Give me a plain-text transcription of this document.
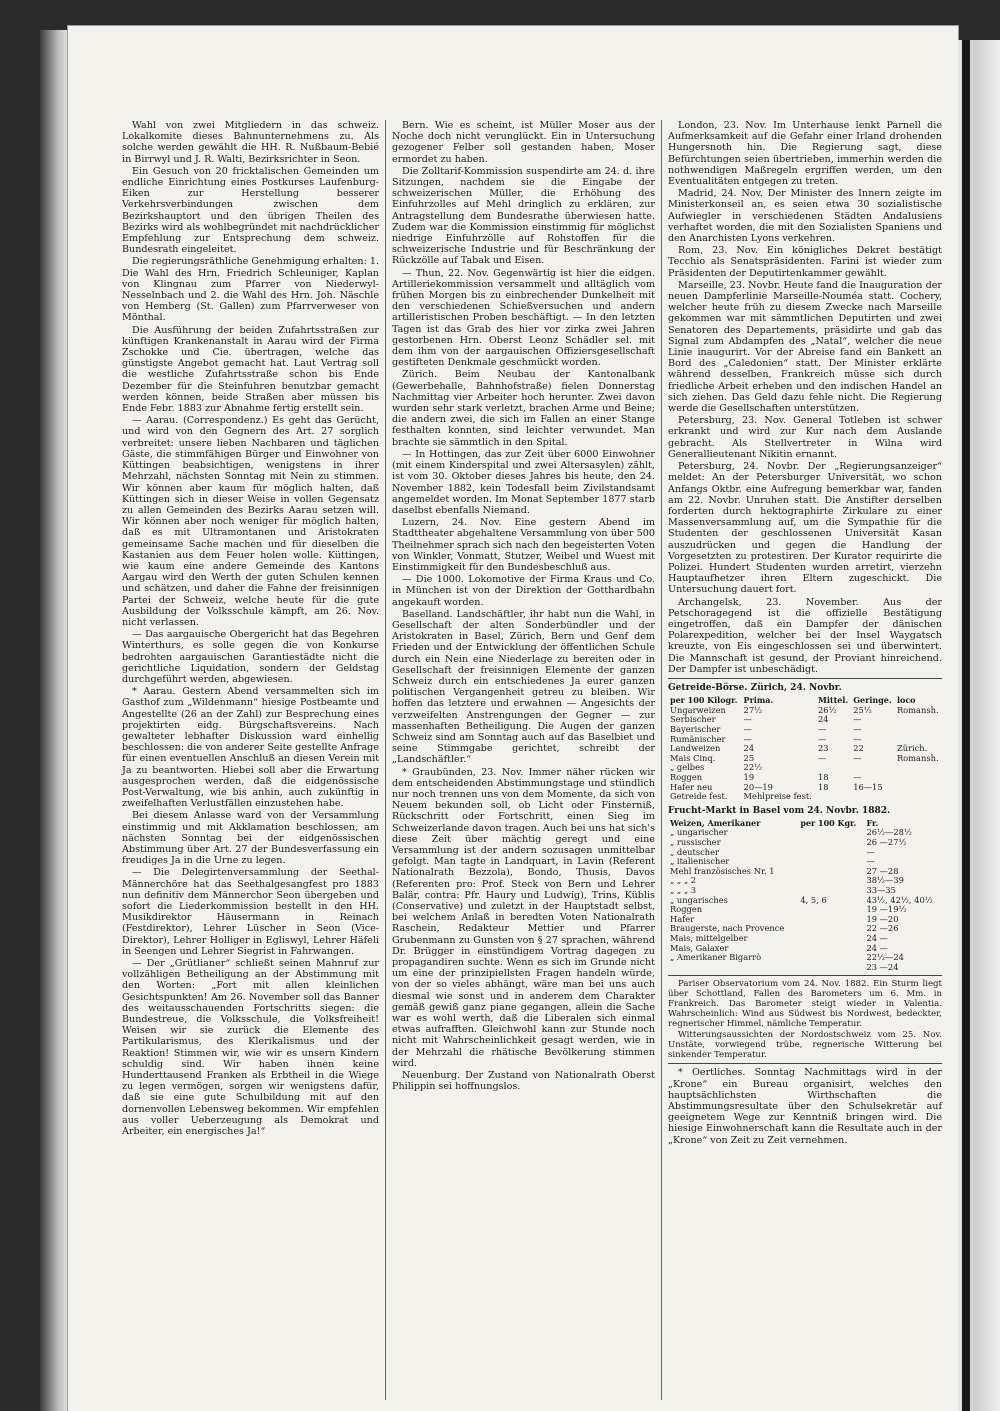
Wahl von zwei Mitgliedern in das schweiz. Lokalkomite dieses Bahnunternehmens zu. Als solche werden gewählt die HH. R. Nußbaum-Bebié in Birrwyl und J. R. Walti, Bezirksrichter in Seon.

Ein Gesuch von 20 fricktalischen Gemeinden um endliche Einrichtung eines Postkurses Laufenburg-Eiken zur Herstellung besserer Verkehrsverbindungen zwischen dem Bezirkshauptort und den übrigen Theilen des Bezirks wird als wohlbegründet mit nachdrücklicher Empfehlung zur Entsprechung dem schweiz. Bundesrath eingeleitet.

Die regierungsräthliche Genehmigung erhalten: 1. Die Wahl des Hrn. Friedrich Schleuniger, Kaplan von Klingnau zum Pfarrer von Niederwyl-Nesselnbach und 2. die Wahl des Hrn. Joh. Näschle von Hemberg (St. Gallen) zum Pfarrverweser von Mönthal.

Die Ausführung der beiden Zufahrtsstraßen zur künftigen Krankenanstalt in Aarau wird der Firma Zschokke und Cie. übertragen, welche das günstigste Angebot gemacht hat. Laut Vertrag soll die westliche Zufahrtsstraße schon bis Ende Dezember für die Steinfuhren benutzbar gemacht werden können, beide Straßen aber müssen bis Ende Febr. 1883 zur Abnahme fertig erstellt sein.

— Aarau. (Correspondenz.) Es geht das Gerücht, und wird von den Gegnern des Art. 27 sorglich verbreitet: unsere lieben Nachbaren und täglichen Gäste, die stimmfähigen Bürger und Einwohner von Küttingen beabsichtigen, wenigstens in ihrer Mehrzahl, nächsten Sonntag mit Nein zu stimmen. Wir können aber kaum für möglich halten, daß Küttingen sich in dieser Weise in vollen Gegensatz zu allen Gemeinden des Bezirks Aarau setzen will. Wir können aber noch weniger für möglich halten, daß es mit Ultramontanen und Aristokraten gemeinsame Sache machen und für dieselben die Kastanien aus dem Feuer holen wolle. Küttingen, wie kaum eine andere Gemeinde des Kantons Aargau wird den Werth der guten Schulen kennen und schätzen, und daher die Fahne der freisinnigen Partei der Schweiz, welche heute für die gute Ausbildung der Volksschule kämpft, am 26. Nov. nicht verlassen.

— Das aargauische Obergericht hat das Begehren Winterthurs, es solle gegen die von Konkurse bedrohten aargauischen Garantiestädte nicht die gerichtliche Liquidation, sondern der Geldstag durchgeführt werden, abgewiesen.

* Aarau. Gestern Abend versammelten sich im Gasthof zum „Wildenmann“ hiesige Postbeamte und Angestellte (26 an der Zahl) zur Besprechung eines projektirten eidg. Bürgschaftsvereins. Nach gewalteter lebhafter Diskussion ward einhellig beschlossen: die von anderer Seite gestellte Anfrage für einen eventuellen Anschluß an diesen Verein mit Ja zu beantworten. Hiebei soll aber die Erwartung ausgesprochen werden, daß die eidgenössische Post-Verwaltung, wie bis anhin, auch zukünftig in zweifelhaften Verlustfällen einzustehen habe.

Bei diesem Anlasse ward von der Versammlung einstimmig und mit Akklamation beschlossen, am nächsten Sonntag bei der eidgenössischen Abstimmung über Art. 27 der Bundesverfassung ein freudiges Ja in die Urne zu legen.

— Die Delegirtenversammlung der Seethal-Männerchöre hat das Seethalgesangfest pro 1883 nun definitiv dem Männerchor Seon übergeben und sofort die Liederkommission bestellt in den HH. Musikdirektor Häusermann in Reinach (Festdirektor), Lehrer Lüscher in Seon (Vice-Direktor), Lehrer Holliger in Egliswyl, Lehrer Häfeli in Seengen und Lehrer Siegrist in Fahrwangen.

— Der „Grütlianer“ schließt seinen Mahnruf zur vollzähligen Betheiligung an der Abstimmung mit den Worten: „Fort mit allen kleinlichen Gesichtspunkten! Am 26. November soll das Banner des weitausschauenden Fortschritts siegen: die Bundestreue, die Volksschule, die Volksfreiheit! Weisen wir sie zurück die Elemente des Partikularismus, des Klerikalismus und der Reaktion! Stimmen wir, wie wir es unsern Kindern schuldig sind. Wir haben ihnen keine Hunderttausend Franken als Erbtheil in die Wiege zu legen vermögen, sorgen wir wenigstens dafür, daß sie eine gute Schulbildung mit auf den dornenvollen Lebensweg bekommen. Wir empfehlen aus voller Ueberzeugung als Demokrat und Arbeiter, ein energisches Ja!“

Bern. Wie es scheint, ist Müller Moser aus der Noche doch nicht verunglückt. Ein in Untersuchung gezogener Felber soll gestanden haben, Moser ermordet zu haben.

Die Zolltarif-Kommission suspendirte am 24. d. ihre Sitzungen, nachdem sie die Eingabe der schweizerischen Müller, die Erhöhung des Einfuhrzolles auf Mehl dringlich zu erklären, zur Antragstellung dem Bundesrathe überwiesen hatte. Zudem war die Kommission einstimmig für möglichst niedrige Einfuhrzölle auf Rohstoffen für die schweizerische Industrie und für Beschränkung der Rückzölle auf Tabak und Eisen.

— Thun, 22. Nov. Gegenwärtig ist hier die eidgen. Artilleriekommission versammelt und alltäglich vom frühen Morgen bis zu einbrechender Dunkelheit mit den verschiedenen Schießversuchen und andern artilleristischen Proben beschäftigt. — In den letzten Tagen ist das Grab des hier vor zirka zwei Jahren gestorbenen Hrn. Oberst Leonz Schädler sel. mit dem ihm von der aargauischen Offiziersgesellschaft gestifteten Denkmale geschmückt worden.

Zürich. Beim Neubau der Kantonalbank (Gewerbehalle, Bahnhofstraße) fielen Donnerstag Nachmittag vier Arbeiter hoch herunter. Zwei davon wurden sehr stark verletzt, brachen Arme und Beine; die andern zwei, die sich im Fallen an einer Stange festhalten konnten, sind leichter verwundet. Man brachte sie sämmtlich in den Spital.

— In Hottingen, das zur Zeit über 6000 Einwohner (mit einem Kinderspital und zwei Altersasylen) zählt, ist vom 30. Oktober dieses Jahres bis heute, den 24. November 1882, kein Todesfall beim Zivilstandsamt angemeldet worden. Im Monat September 1877 starb daselbst ebenfalls Niemand.

Luzern, 24. Nov. Eine gestern Abend im Stadttheater abgehaltene Versammlung von über 500 Theilnehmer sprach sich nach den begeisterten Voten von Winkler, Vonmatt, Stutzer, Weibel und Wuest mit Einstimmigkeit für den Bundesbeschluß aus.

— Die 1000. Lokomotive der Firma Kraus und Co. in München ist von der Direktion der Gotthardbahn angekauft worden.

Baselland. Landschäftler, ihr habt nun die Wahl, in Gesellschaft der alten Sonderbündler und der Aristokraten in Basel, Zürich, Bern und Genf dem Frieden und der Entwicklung der öffentlichen Schule durch ein Nein eine Niederlage zu bereiten oder in Gesellschaft der freisinnigen Elemente der ganzen Schweiz durch ein entschiedenes Ja eurer ganzen politischen Vergangenheit getreu zu bleiben. Wir hoffen das letztere und erwahnen — Angesichts der verzweifelten Anstrengungen der Gegner — zur massenhaften Betheiligung. Die Augen der ganzen Schweiz sind am Sonntag auch auf das Baselbiet und seine Stimmgabe gerichtet, schreibt der „Landschäftler.“

* Graubünden, 23. Nov. Immer näher rücken wir dem entscheidenden Abstimmungstage und stündlich nur noch trennen uns von dem Momente, da sich von Neuem bekunden soll, ob Licht oder Finsterniß, Rückschritt oder Fortschritt, einen Sieg im Schweizerlande davon tragen. Auch bei uns hat sich's diese Zeit über mächtig geregt und eine Versammlung ist der andern sozusagen unmittelbar gefolgt. Man tagte in Landquart, in Lavin (Referent Nationalrath Bezzola), Bondo, Thusis, Davos (Referenten pro: Prof. Steck von Bern und Lehrer Balär, contra: Pfr. Haury und Ludwig), Trins, Küblis (Conservative) und zuletzt in der Hauptstadt selbst, bei welchem Anlaß in beredten Voten Nationalrath Raschein, Redakteur Mettier und Pfarrer Grubenmann zu Gunsten von § 27 sprachen, während Dr. Brügger in einstündigem Vortrag dagegen zu propagandiren suchte. Wenn es sich im Grunde nicht um eine der prinzipiellsten Fragen handeln würde, von der so vieles abhängt, wäre man bei uns auch diesmal wie sonst und in anderem dem Charakter gemäß gewiß ganz piane gegangen, allein die Sache war es wohl werth, daß die Liberalen sich einmal etwas aufrafften. Gleichwohl kann zur Stunde noch nicht mit Wahrscheinlichkeit gesagt werden, wie in der Mehrzahl die rhätische Bevölkerung stimmen wird.

Neuenburg. Der Zustand von Nationalrath Oberst Philippin sei hoffnungslos.

London, 23. Nov. Im Unterhause lenkt Parnell die Aufmerksamkeit auf die Gefahr einer Irland drohenden Hungersnoth hin. Die Regierung sagt, diese Befürchtungen seien übertrieben, immerhin werden die nothwendigen Maßregeln ergriffen werden, um den Eventualitäten entgegen zu treten.

Madrid, 24. Nov. Der Minister des Innern zeigte im Ministerkonseil an, es seien etwa 30 sozialistische Aufwiegler in verschiedenen Städten Andalusiens verhaftet worden, die mit den Sozialisten Spaniens und den Anarchisten Lyons verkehren.

Rom, 23. Nov. Ein königliches Dekret bestätigt Tecchio als Senatspräsidenten. Farini ist wieder zum Präsidenten der Deputirtenkammer gewählt.

Marseille, 23. Novbr. Heute fand die Inauguration der neuen Dampferlinie Marseille-Nouméa statt. Cochery, welcher heute früh zu diesem Zwecke nach Marseille gekommen war mit sämmtlichen Deputirten und zwei Senatoren des Departements, präsidirte und gab das Signal zum Abdampfen des „Natal“, welcher die neue Linie inaugurirt. Vor der Abreise fand ein Bankett an Bord des „Caledonien“ statt. Der Minister erklärte während desselben, Frankreich müsse sich durch friedliche Arbeit erheben und den indischen Handel an sich ziehen. Das Geld dazu fehle nicht. Die Regierung werde die Gesellschaften unterstützen.

Petersburg, 23. Nov. General Totleben ist schwer erkrankt und wird zur Kur nach dem Auslande gebracht. Als Stellvertreter in Wilna wird Generallieutenant Nikitin ernannt.

Petersburg, 24. Novbr. Der „Regierungsanzeiger“ meldet: An der Petersburger Universität, wo schon Anfangs Oktbr. eine Aufregung bemerkbar war, fanden am 22. Novbr. Unruhen statt. Die Anstifter derselben forderten durch hektographirte Zirkulare zu einer Massenversammlung auf, um die Sympathie für die Studenten der geschlossenen Universität Kasan auszudrücken und gegen die Handlung der Vorgesetzten zu protestiren. Der Kurator requirirte die Polizei. Hundert Studenten wurden arretirt, vierzehn Hauptaufhetzer ihren Eltern zugeschickt. Die Untersuchung dauert fort.

Archangelsk, 23. November. Aus der Petschoragegend ist die offizielle Bestätigung eingetroffen, daß ein Dampfer der dänischen Polarexpedition, welcher bei der Insel Waygatsch kreuzte, von Eis eingeschlossen sei und überwintert. Die Mannschaft ist gesund, der Proviant hinreichend. Der Dampfer ist unbeschädigt.

Getreide-Börse. Zürich, 24. Novbr.
per 100 Kilogr.	Prima.	Mittel.	Geringe.	loco
Ungarweizen	27½	26½	25½	Romansh.
Serbischer	—	24	—	
Bayerischer	—	—	—	
Rumänischer	—	—	—	
Landweizen	24	23	22	Zürich.
Mais Cinq.	25	—	—	Romansh.
„ gelbes	22½			
Roggen	19	18	—	
Hafer neu	20—19	18	16—15	
Getreide fest.	Mehlpreise fest.			
Frucht-Markt in Basel vom 24. Novbr. 1882.
Weizen, Amerikaner	per 100 Kgr.	Fr.
„ ungarischer		26½—28½
„ russischer		26 —27½
„ deutscher		—
„ italienischer		—
Mehl französisches Nr. 1		27 —28
„ „ „ 2		38½—39
„ „ „ 3		33—35
„ ungarisches	4, 5, 6	43½, 42½, 40½
Roggen		19 —19½
Hafer		19 —20
Braugerste, nach Provence		22 —26
Mais, mittelgelber		24 —
Mais, Galaxer		24 —
„ Amerikaner Bigarrò		22½—24
		23 —24

Pariser Observatorium vom 24. Nov. 1882. Ein Sturm liegt über Schottland, Fallen des Barometers um 6. Mm. in Frankreich. Das Barometer steigt wieder in Valentia. Wahrscheinlich: Wind aus Südwest bis Nordwest, bedeckter, regnerischer Himmel, nämliche Temperatur.

Witterungsaussichten der Nordostschweiz vom 25. Nov. Unstäte, vorwiegend trübe, regnerische Witterung bei sinkender Temperatur.

* Oertliches. Sonntag Nachmittags wird in der „Krone“ ein Bureau organisirt, welches den hauptsächlichsten Wirthschaften die Abstimmungsresultate über den Schulsekretär auf geeignetem Wege zur Kenntniß bringen wird. Die hiesige Einwohnerschaft kann die Resultate auch in der „Krone“ von Zeit zu Zeit vernehmen.
